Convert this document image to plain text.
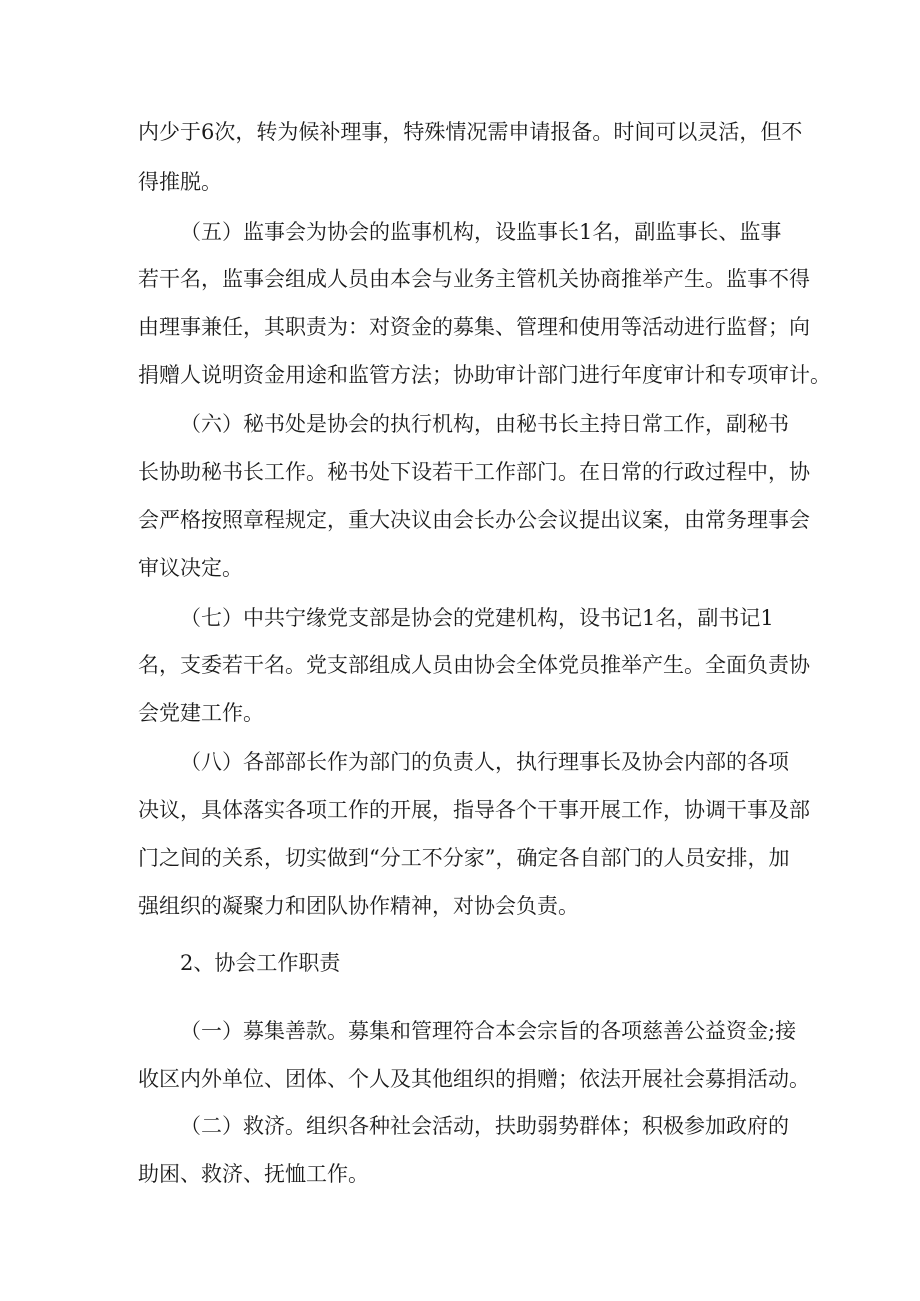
内少于6次，转为候补理事，特殊情况需申请报备。时间可以灵活，但不
得推脱。
（五）监事会为协会的监事机构，设监事长1名，副监事长、监事
若干名，监事会组成人员由本会与业务主管机关协商推举产生。监事不得
由理事兼任，其职责为：对资金的募集、管理和使用等活动进行监督；向
捐赠人说明资金用途和监管方法；协助审计部门进行年度审计和专项审计。
（六）秘书处是协会的执行机构，由秘书长主持日常工作，副秘书
长协助秘书长工作。秘书处下设若干工作部门。在日常的行政过程中，协
会严格按照章程规定，重大决议由会长办公会议提出议案，由常务理事会
审议决定。
（七）中共宁缘党支部是协会的党建机构，设书记1名，副书记1
名，支委若干名。党支部组成人员由协会全体党员推举产生。全面负责协
会党建工作。
（八）各部部长作为部门的负责人，执行理事长及协会内部的各项
决议，具体落实各项工作的开展，指导各个干事开展工作，协调干事及部
门之间的关系，切实做到“分工不分家”，确定各自部门的人员安排，加
强组织的凝聚力和团队协作精神，对协会负责。
2、协会工作职责
（一）募集善款。募集和管理符合本会宗旨的各项慈善公益资金;接
收区内外单位、团体、个人及其他组织的捐赠；依法开展社会募捐活动。
（二）救济。组织各种社会活动，扶助弱势群体；积极参加政府的
助困、救济、抚恤工作。
